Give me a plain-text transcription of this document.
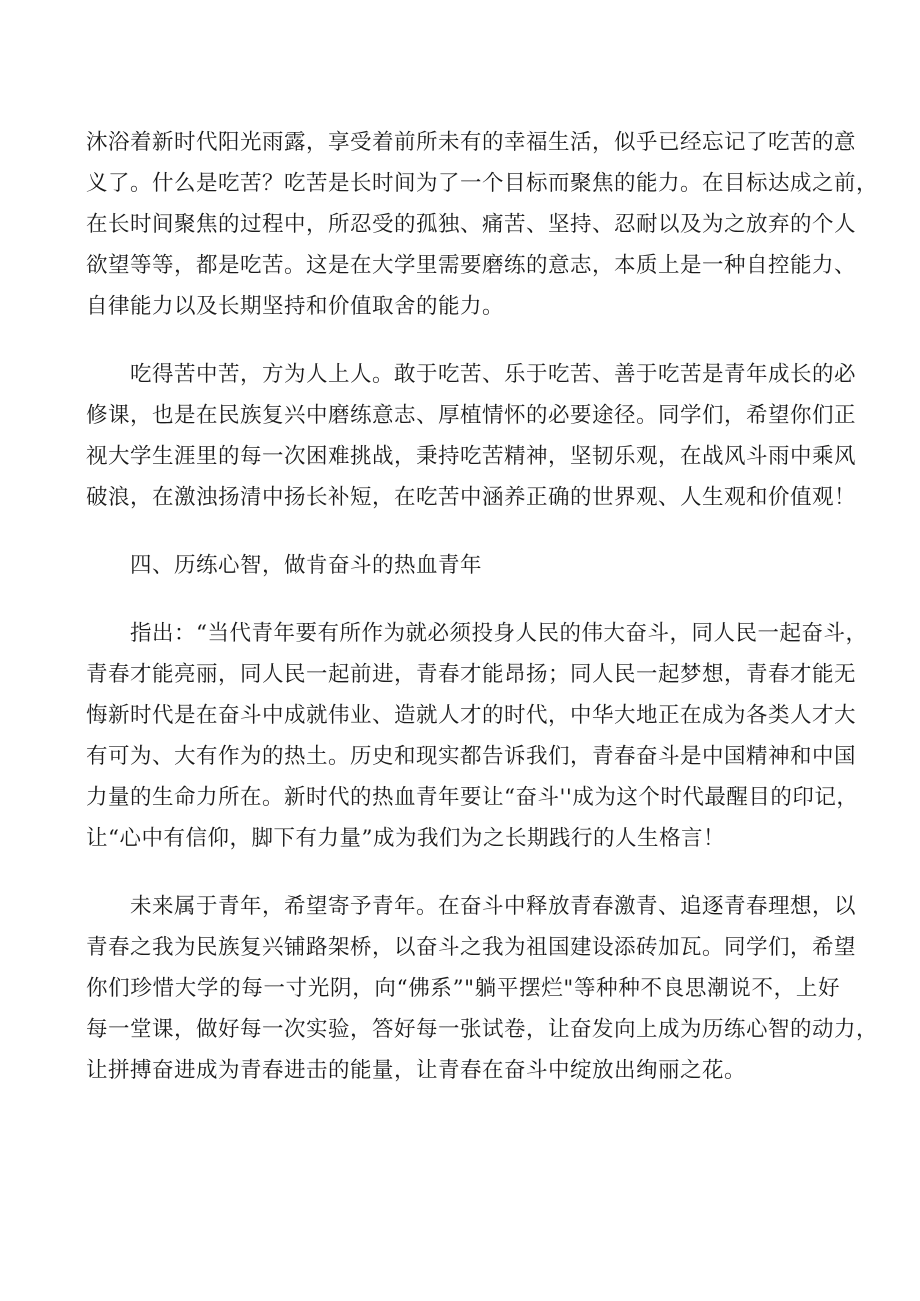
沐浴着新时代阳光雨露，享受着前所未有的幸福生活，似乎已经忘记了吃苦的意
义了。什么是吃苦？吃苦是长时间为了一个目标而聚焦的能力。在目标达成之前，
在长时间聚焦的过程中，所忍受的孤独、痛苦、坚持、忍耐以及为之放弃的个人
欲望等等，都是吃苦。这是在大学里需要磨练的意志，本质上是一种自控能力、
自律能力以及长期坚持和价值取舍的能力。
吃得苦中苦，方为人上人。敢于吃苦、乐于吃苦、善于吃苦是青年成长的必
修课，也是在民族复兴中磨练意志、厚植情怀的必要途径。同学们，希望你们正
视大学生涯里的每一次困难挑战，秉持吃苦精神，坚韧乐观，在战风斗雨中乘风
破浪，在激浊扬清中扬长补短，在吃苦中涵养正确的世界观、人生观和价值观！
四、历练心智，做肯奋斗的热血青年
指出：“当代青年要有所作为就必须投身人民的伟大奋斗，同人民一起奋斗，
青春才能亮丽，同人民一起前进，青春才能昂扬；同人民一起梦想，青春才能无
悔新时代是在奋斗中成就伟业、造就人才的时代，中华大地正在成为各类人才大
有可为、大有作为的热土。历史和现实都告诉我们，青春奋斗是中国精神和中国
力量的生命力所在。新时代的热血青年要让“奋斗''成为这个时代最醒目的印记，
让“心中有信仰，脚下有力量”成为我们为之长期践行的人生格言！
未来属于青年，希望寄予青年。在奋斗中释放青春激青、追逐青春理想，以
青春之我为民族复兴铺路架桥，以奋斗之我为祖国建设添砖加瓦。同学们，希望
你们珍惜大学的每一寸光阴，向“佛系”"躺平摆烂"等种种不良思潮说不，上好
每一堂课，做好每一次实验，答好每一张试卷，让奋发向上成为历练心智的动力，
让拼搏奋进成为青春进击的能量，让青春在奋斗中绽放出绚丽之花。
